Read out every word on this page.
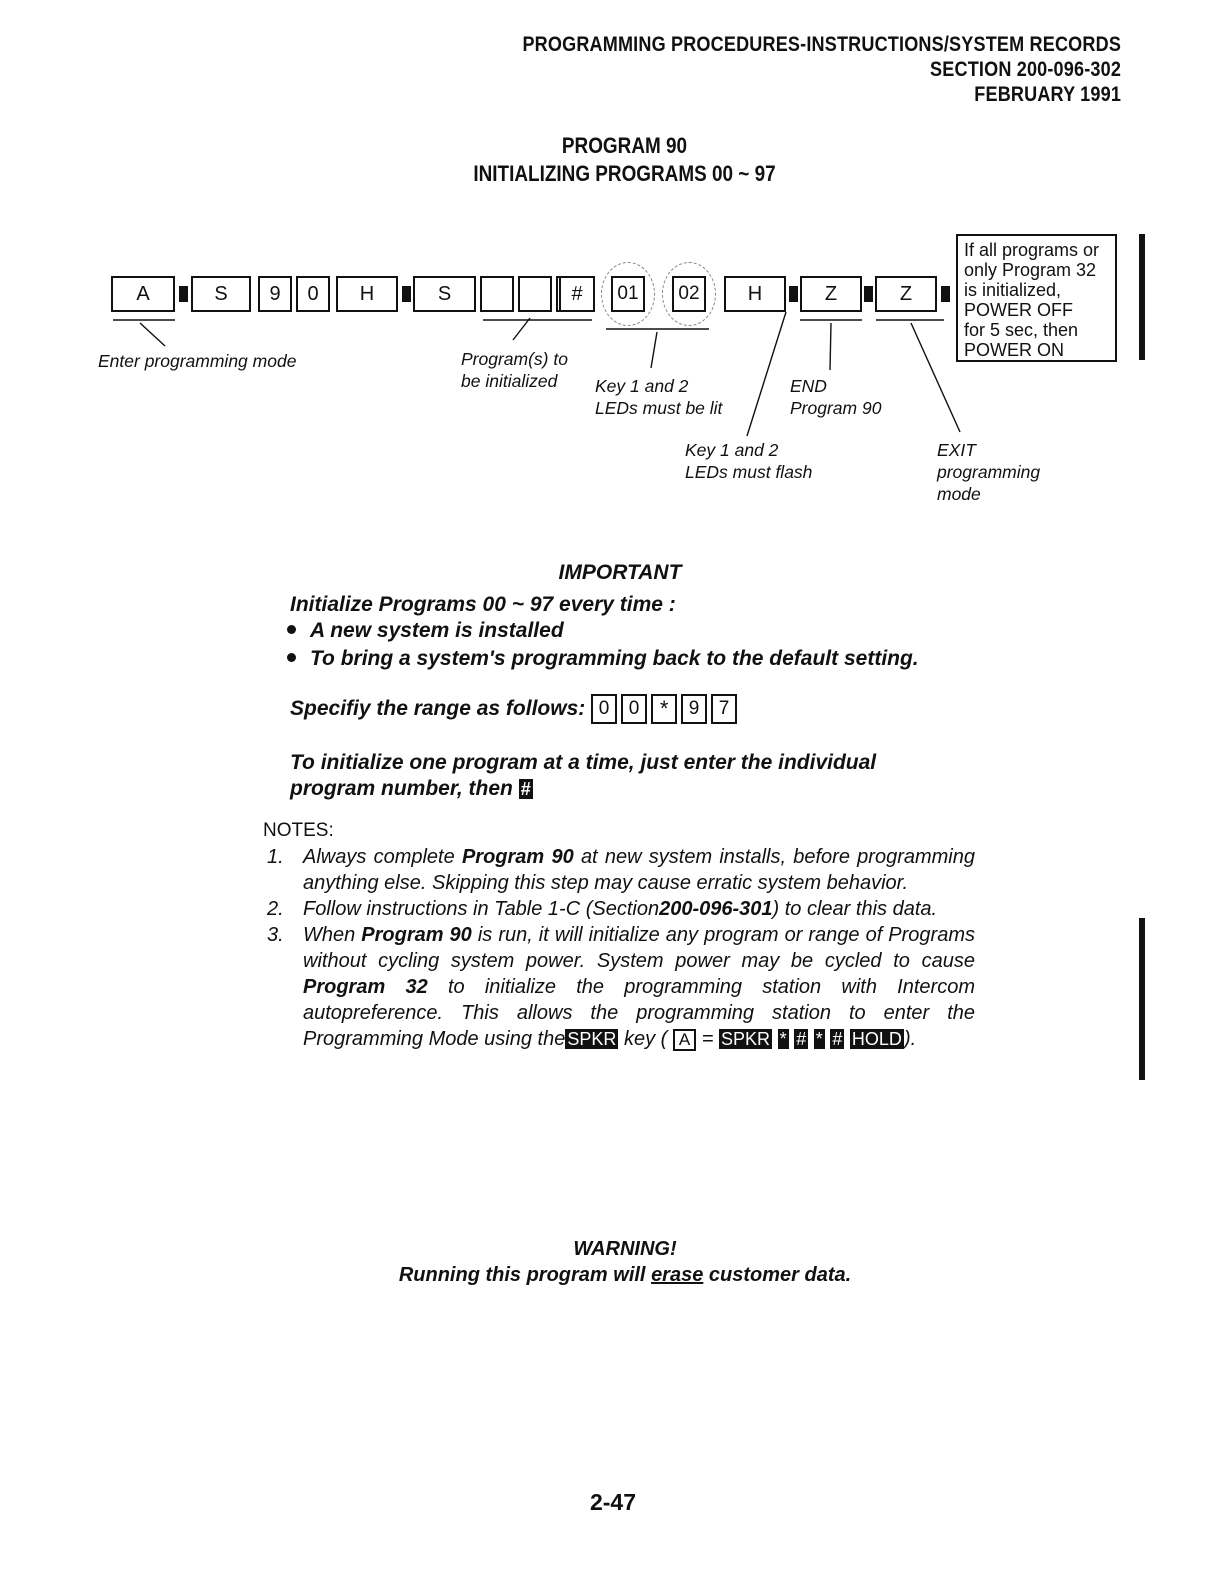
PROGRAMMING PROCEDURES-INSTRUCTIONS/SYSTEM RECORDS
SECTION 200-096-302
FEBRUARY 1991
PROGRAM 90
INITIALIZING PROGRAMS 00 ~ 97
A	S	9	0	H	S	#	01	02	H	Z	Z
Enter programming mode	Program(s) to
be initialized	Key 1 and 2
LEDs must be lit
END
Program 90
Key 1 and 2
LEDs must flash
EXIT
programming
mode
If all programs or
only Program 32
is initialized,
POWER OFF
for 5 sec, then
POWER ON
IMPORTANT
Initialize Programs 00 ~ 97 every time :
A new system is installed
To bring a system's programming back to the default setting.
Specifiy the range as follows: 0 0 * 9 7
To initialize one program at a time, just enter the individual
program number, then #
NOTES:
1. Always complete Program 90 at new system installs, before programming anything else. Skipping this step may cause erratic system behavior.
2. Follow instructions in Table 1-C (Section200-096-301) to clear this data.
3. When Program 90 is run, it will initialize any program or range of Programs without cycling system power. System power may be cycled to cause Program 32 to initialize the programming station with Intercom autopreference. This allows the programming station to enter the Programming Mode using the SPKR key ( A = SPKR * # * # HOLD ).
WARNING!
Running this program will erase customer data.
2-47
